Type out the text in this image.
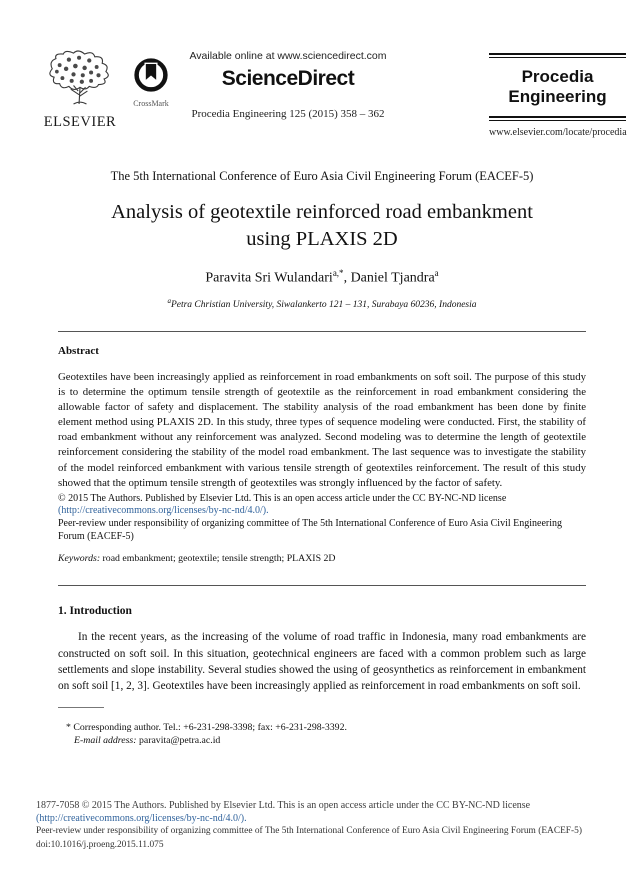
ELSEVIER
CrossMark
Available online at www.sciencedirect.com
ScienceDirect
Procedia Engineering 125 (2015) 358 – 362
Procedia
Engineering
www.elsevier.com/locate/procedia
The 5th International Conference of Euro Asia Civil Engineering Forum (EACEF-5)
Analysis of geotextile reinforced road embankment
using PLAXIS 2D
Paravita Sri Wulandari$^{a,*}$, Daniel Tjandra$^a$
$^a$Petra Christian University, Siwalankerto 121 – 131, Surabaya 60236, Indonesia
Abstract
Geotextiles have been increasingly applied as reinforcement in road embankments on soft soil. The purpose of this study is to determine the optimum tensile strength of geotextile as the reinforcement in road embankment considering the allowable factor of safety and displacement. The stability analysis of the road embankment has been done by finite element method using PLAXIS 2D. In this study, three types of sequence modeling were conducted. First, the stability of road embankment without any reinforcement was analyzed. Second modeling was to determine the length of geotextile reinforcement considering the stability of the model road embankment. The last sequence was to investigate the stability of the model reinforced embankment with various tensile strength of geotextiles reinforcement. The result of this study showed that the optimum tensile strength of geotextiles was strongly influenced by the factor of safety.
© 2015 The Authors. Published by Elsevier Ltd. This is an open access article under the CC BY-NC-ND license
(http://creativecommons.org/licenses/by-nc-nd/4.0/).
Peer-review under responsibility of organizing committee of The 5th International Conference of Euro Asia Civil Engineering Forum (EACEF-5)
Keywords: road embankment; geotextile; tensile strength; PLAXIS 2D
1. Introduction
In the recent years, as the increasing of the volume of road traffic in Indonesia, many road embankments are constructed on soft soil. In this situation, geotechnical engineers are faced with a common problem such as large settlements and slope instability. Several studies showed the using of geosynthetics as reinforcement in embankment on soft soil [1, 2, 3]. Geotextiles have been increasingly applied as reinforcement in road embankments on soft soil.
* Corresponding author. Tel.: +6-231-298-3398; fax: +6-231-298-3392.
E-mail address: paravita@petra.ac.id
1877-7058 © 2015 The Authors. Published by Elsevier Ltd. This is an open access article under the CC BY-NC-ND license
(http://creativecommons.org/licenses/by-nc-nd/4.0/).
Peer-review under responsibility of organizing committee of The 5th International Conference of Euro Asia Civil Engineering Forum (EACEF-5)
doi:10.1016/j.proeng.2015.11.075
